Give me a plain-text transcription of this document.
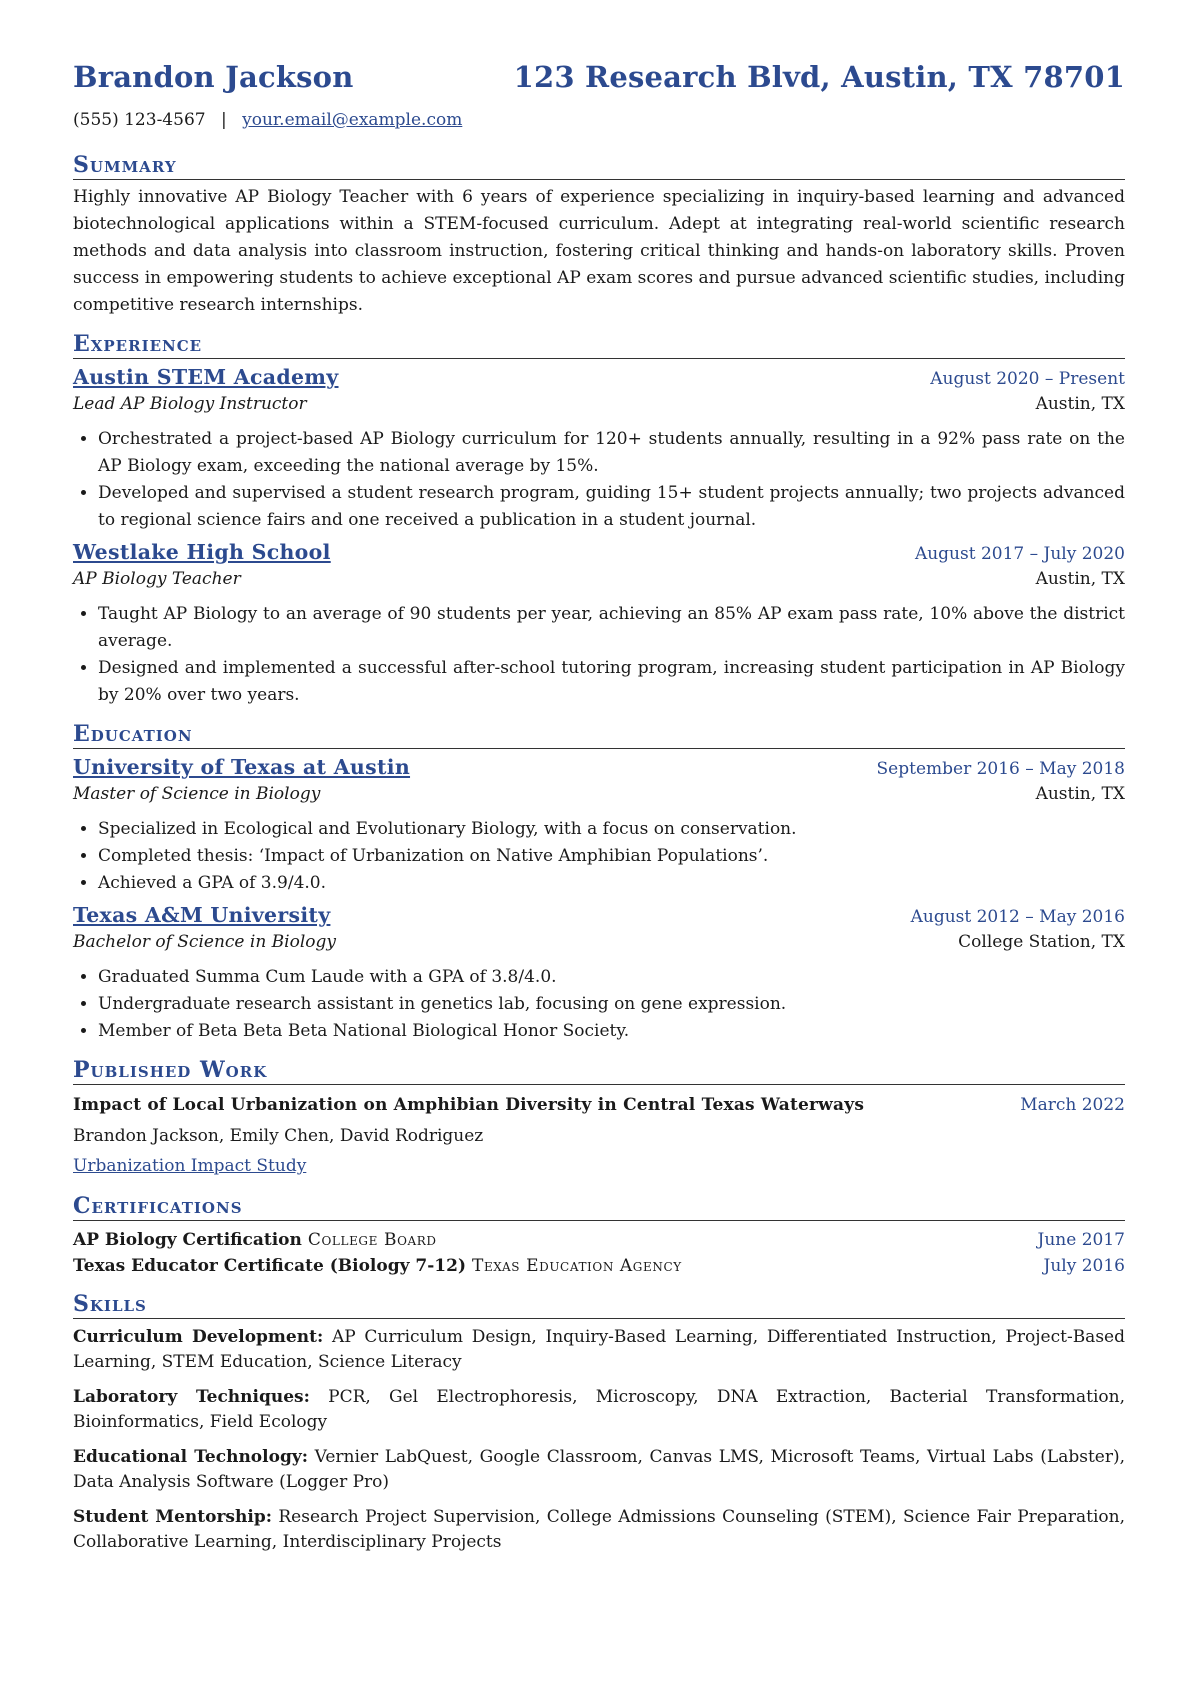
Brandon Jackson	123 Research Blvd, Austin, TX 78701
(555) 123-4567 | your.email@example.com
Summary
Highly innovative AP Biology Teacher with 6 years of experience specializing in inquiry-based learning and advanced biotechnological applications within a STEM-focused curriculum. Adept at integrating real-world scientific research methods and data analysis into classroom instruction, fostering critical thinking and hands-on laboratory skills. Proven success in empowering students to achieve exceptional AP exam scores and pursue advanced scientific studies, including competitive research internships.
Experience
Austin STEM Academy	August 2020 – Present
Lead AP Biology Instructor	Austin, TX
• Orchestrated a project-based AP Biology curriculum for 120+ students annually, resulting in a 92% pass rate on the AP Biology exam, exceeding the national average by 15%.
• Developed and supervised a student research program, guiding 15+ student projects annually; two projects advanced to regional science fairs and one received a publication in a student journal.
Westlake High School	August 2017 – July 2020
AP Biology Teacher	Austin, TX
• Taught AP Biology to an average of 90 students per year, achieving an 85% AP exam pass rate, 10% above the district average.
• Designed and implemented a successful after-school tutoring program, increasing student participation in AP Biology by 20% over two years.
Education
University of Texas at Austin	September 2016 – May 2018
Master of Science in Biology	Austin, TX
• Specialized in Ecological and Evolutionary Biology, with a focus on conservation.
• Completed thesis: ‘Impact of Urbanization on Native Amphibian Populations’.
• Achieved a GPA of 3.9/4.0.
Texas A&M University	August 2012 – May 2016
Bachelor of Science in Biology	College Station, TX
• Graduated Summa Cum Laude with a GPA of 3.8/4.0.
• Undergraduate research assistant in genetics lab, focusing on gene expression.
• Member of Beta Beta Beta National Biological Honor Society.
Published Work
Impact of Local Urbanization on Amphibian Diversity in Central Texas Waterways	March 2022
Brandon Jackson, Emily Chen, David Rodriguez
Urbanization Impact Study
Certifications
AP Biology Certification College Board	June 2017
Texas Educator Certificate (Biology 7-12) Texas Education Agency	July 2016
Skills
Curriculum Development: AP Curriculum Design, Inquiry-Based Learning, Differentiated Instruction, Project-Based Learning, STEM Education, Science Literacy
Laboratory Techniques: PCR, Gel Electrophoresis, Microscopy, DNA Extraction, Bacterial Transformation, Bioinformatics, Field Ecology
Educational Technology: Vernier LabQuest, Google Classroom, Canvas LMS, Microsoft Teams, Virtual Labs (Labster), Data Analysis Software (Logger Pro)
Student Mentorship: Research Project Supervision, College Admissions Counseling (STEM), Science Fair Preparation, Collaborative Learning, Interdisciplinary Projects
